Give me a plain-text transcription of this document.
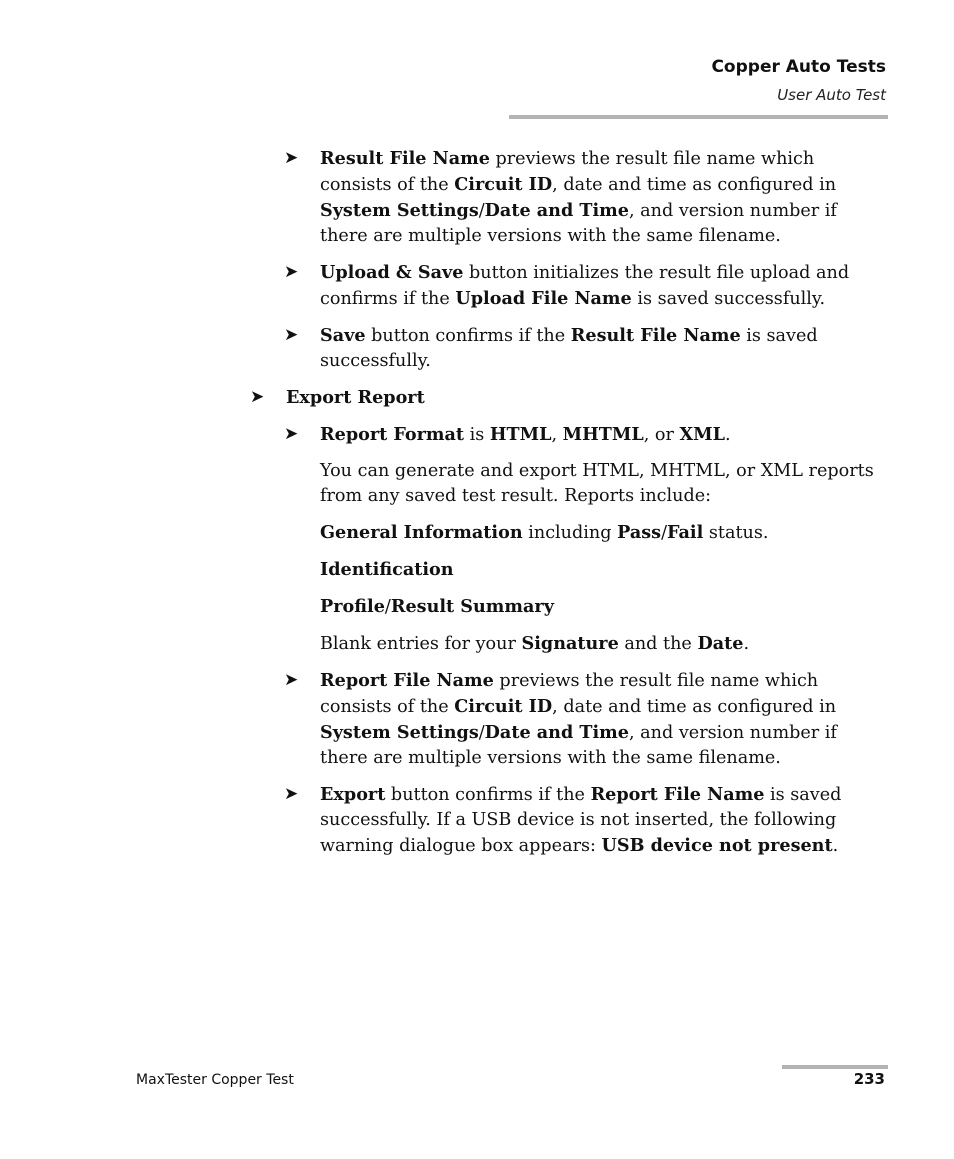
Copper Auto Tests
User Auto Test
➤ Result File Name previews the result file name which consists of the Circuit ID, date and time as configured in System Settings/Date and Time, and version number if there are multiple versions with the same filename.
➤ Upload & Save button initializes the result file upload and confirms if the Upload File Name is saved successfully.
➤ Save button confirms if the Result File Name is saved successfully.
➤ Export Report
➤ Report Format is HTML, MHTML, or XML.
You can generate and export HTML, MHTML, or XML reports from any saved test result. Reports include:
General Information including Pass/Fail status.
Identification
Profile/Result Summary
Blank entries for your Signature and the Date.
➤ Report File Name previews the result file name which consists of the Circuit ID, date and time as configured in System Settings/Date and Time, and version number if there are multiple versions with the same filename.
➤ Export button confirms if the Report File Name is saved successfully. If a USB device is not inserted, the following warning dialogue box appears: USB device not present.
MaxTester Copper Test	233
